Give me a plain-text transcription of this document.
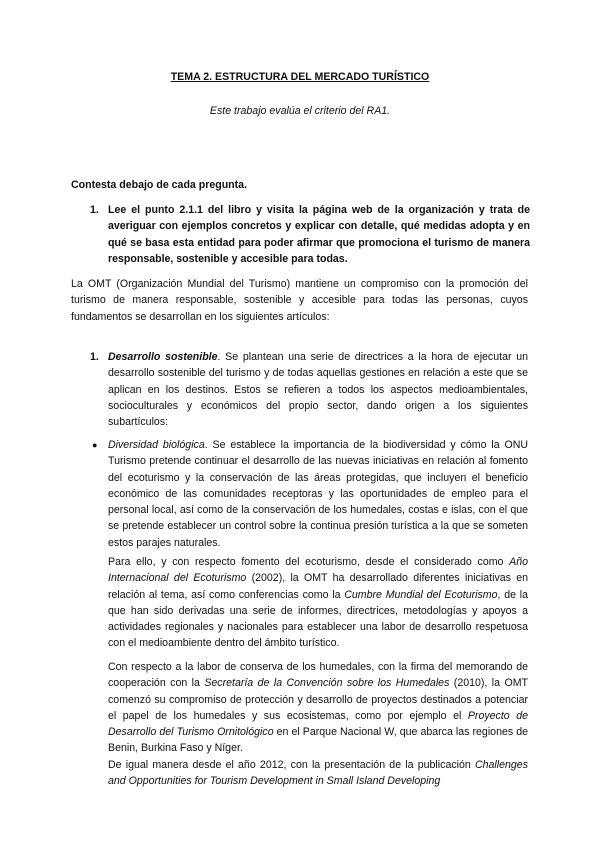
TEMA 2. ESTRUCTURA DEL MERCADO TURÍSTICO
Este trabajo evalúa el criterio del RA1.
Contesta debajo de cada pregunta.
1. Lee el punto 2.1.1 del libro y visita la página web de la organización y trata de averiguar con ejemplos concretos y explicar con detalle, qué medidas adopta y en qué se basa esta entidad para poder afirmar que promociona el turismo de manera responsable, sostenible y accesible para todas.
La OMT (Organización Mundial del Turismo) mantiene un compromiso con la promoción del turismo de manera responsable, sostenible y accesible para todas las personas, cuyos fundamentos se desarrollan en los siguientes artículos:
1. Desarrollo sostenible. Se plantean una serie de directrices a la hora de ejecutar un desarrollo sostenible del turismo y de todas aquellas gestiones en relación a este que se aplican en los destinos. Estos se refieren a todos los aspectos medioambientales, socioculturales y económicos del propio sector, dando origen a los siguientes subartículos:
● Diversidad biológica. Se establece la importancia de la biodiversidad y cómo la ONU Turismo pretende continuar el desarrollo de las nuevas iniciativas en relación al fomento del ecoturismo y la conservación de las áreas protegidas, que incluyen el beneficio económico de las comunidades receptoras y las oportunidades de empleo para el personal local, así como de la conservación de los humedales, costas e islas, con el que se pretende establecer un control sobre la continua presión turística a la que se someten estos parajes naturales.
Para ello, y con respecto fomento del ecoturismo, desde el considerado como Año Internacional del Ecoturismo (2002), la OMT ha desarrollado diferentes iniciativas en relación al tema, así como conferencias como la Cumbre Mundial del Ecoturismo, de la que han sido derivadas una serie de informes, directrices, metodologías y apoyos a actividades regionales y nacionales para establecer una labor de desarrollo respetuosa con el medioambiente dentro del ámbito turístico.
Con respecto a la labor de conserva de los humedales, con la firma del memorando de cooperación con la Secretaría de la Convención sobre los Humedales (2010), la OMT comenzó su compromiso de protección y desarrollo de proyectos destinados a potenciar el papel de los humedales y sus ecosistemas, como por ejemplo el Proyecto de Desarrollo del Turismo Ornitológico en el Parque Nacional W, que abarca las regiones de Benin, Burkina Faso y Níger.
De igual manera desde el año 2012, con la presentación de la publicación Challenges and Opportunities for Tourism Development in Small Island Developing
